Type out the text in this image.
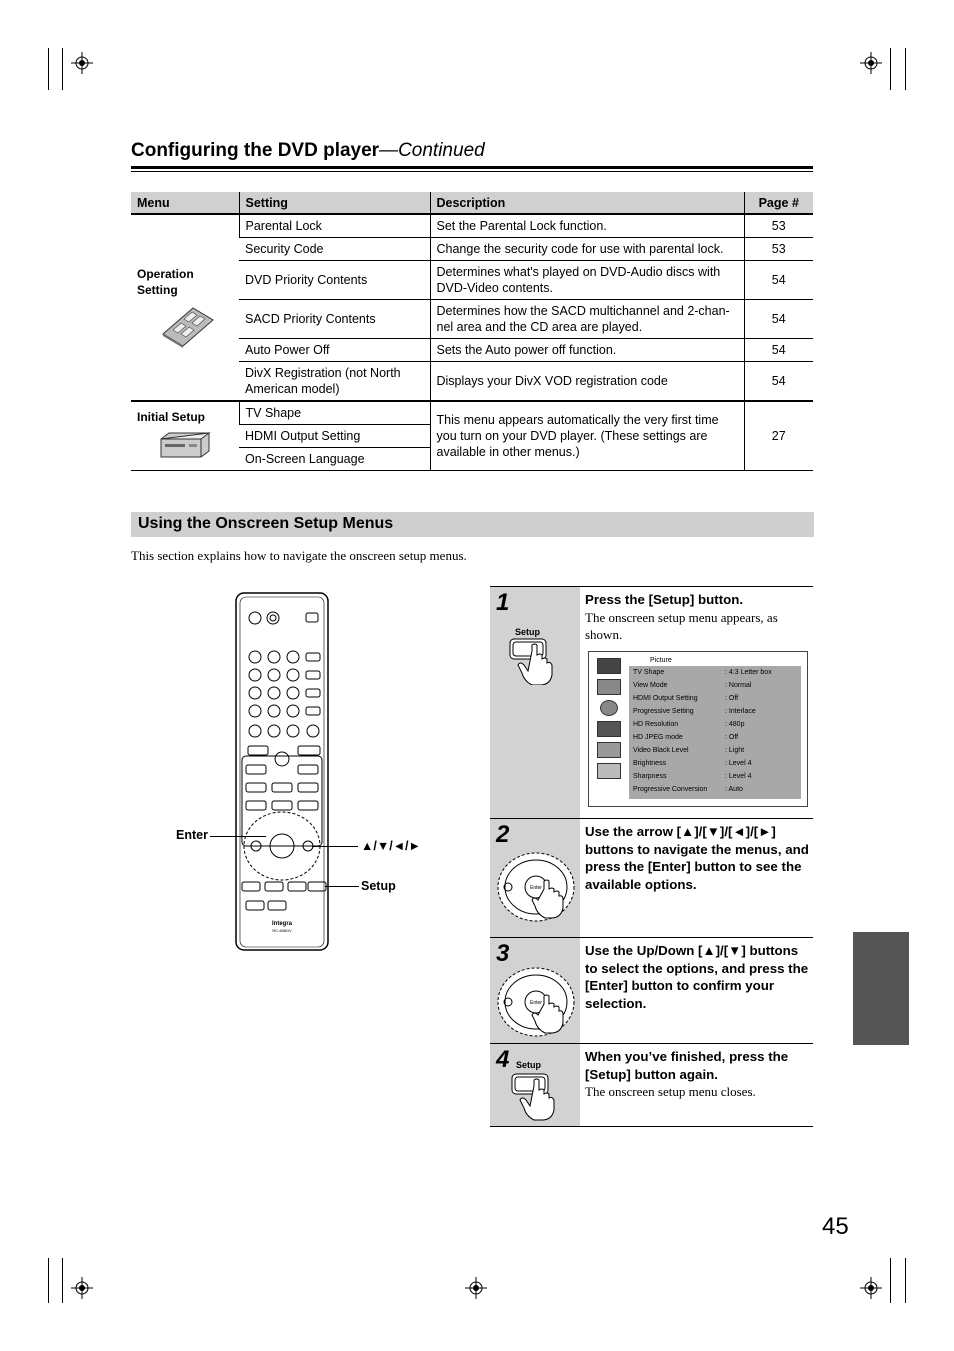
Configuring the DVD player—Continued
Menu	Setting	Description	Page #

Operation
Setting	Parental Lock	Set the Parental Lock function.	53
	Security Code	Change the security code for use with parental lock.	53
	DVD Priority Contents	Determines what's played on DVD-Audio discs with DVD-Video contents.	54
	SACD Priority Contents	Determines how the SACD multichannel and 2-chan-nel area and the CD area are played.	54
	Auto Power Off	Sets the Auto power off function.	54
	DivX Registration (not North American model)	Displays your DivX VOD registration code	54

Initial Setup	TV Shape	This menu appears automatically the very first time you turn on your DVD player. (These settings are available in other menus.)	27
	HDMI Output Setting		
	On-Screen Language		
Using the Onscreen Setup Menus
This section explains how to navigate the onscreen setup menus.
Integra
RC-656DV
Enter
▲/▼/◄/►
Setup
1
Setup
Press the [Setup] button.
The onscreen setup menu appears, as shown.
Picture
TV Shape	: 4:3 Letter box
View Mode	: Normal
HDMI Output Setting	: Off
Progressive Setting	: Interlace
HD Resolution	: 480p
HD JPEG mode	: Off
Video Black Level	: Light
Brightness	: Level 4
Sharpness	: Level 4
Progressive Conversion	: Auto
2
Enter
Use the arrow [▲]/[▼]/[◄]/[►] buttons to navigate the menus, and press the [Enter] button to see the available options.
3
Enter
Use the Up/Down [▲]/[▼] buttons to select the options, and press the [Enter] button to confirm your selection.
4 Setup
When you’ve finished, press the [Setup] button again.
The onscreen setup menu closes.
45
